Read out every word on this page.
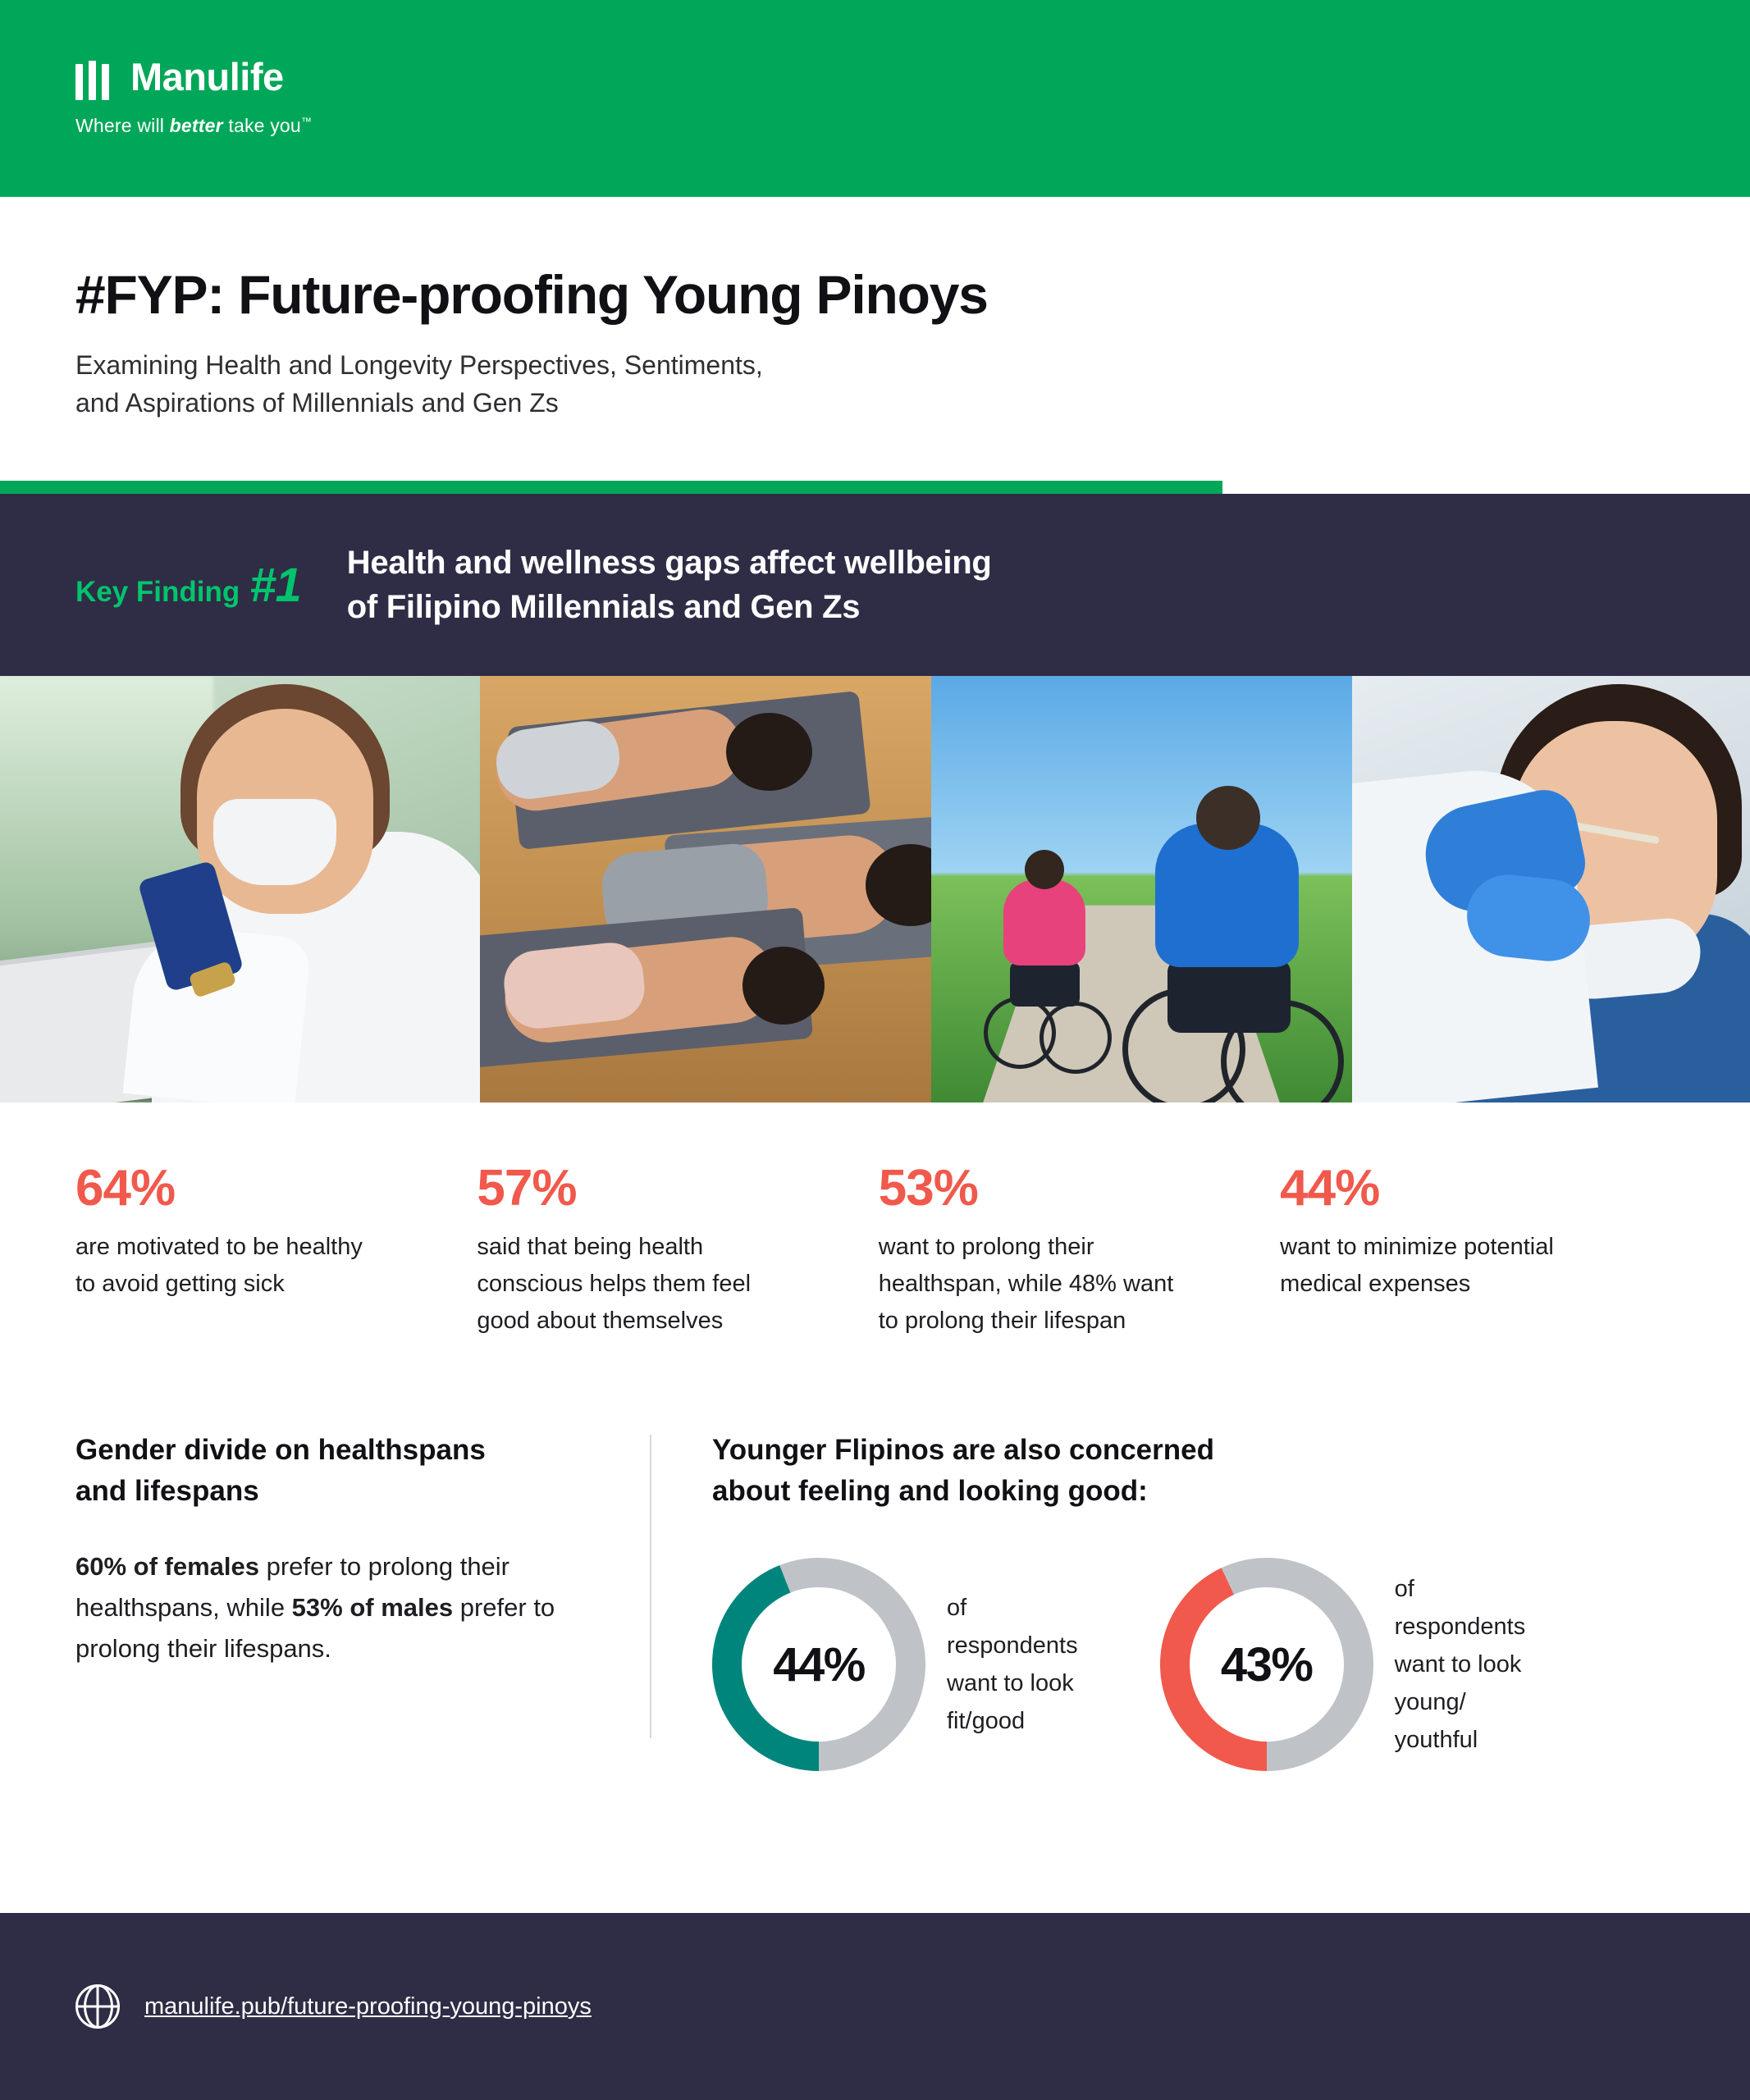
Manulife
Where will better take you™
#FYP: Future-proofing Young Pinoys
Examining Health and Longevity Perspectives, Sentiments,
and Aspirations of Millennials and Gen Zs
Key Finding #1 Health and wellness gaps affect wellbeing
of Filipino Millennials and Gen Zs
64%
are motivated to be healthy to avoid getting sick
57%
said that being health conscious helps them feel good about themselves
53%
want to prolong their healthspan, while 48% want to prolong their lifespan
44%
want to minimize potential medical expenses
Gender divide on healthspans
and lifespans
60% of females prefer to prolong their healthspans, while 53% of males prefer to prolong their lifespans.
Younger Flipinos are also concerned
about feeling and looking good:
44%
of
respondents
want to look
fit/good
43%
of
respondents
want to look
young/
youthful
manulife.pub/future-proofing-young-pinoys
